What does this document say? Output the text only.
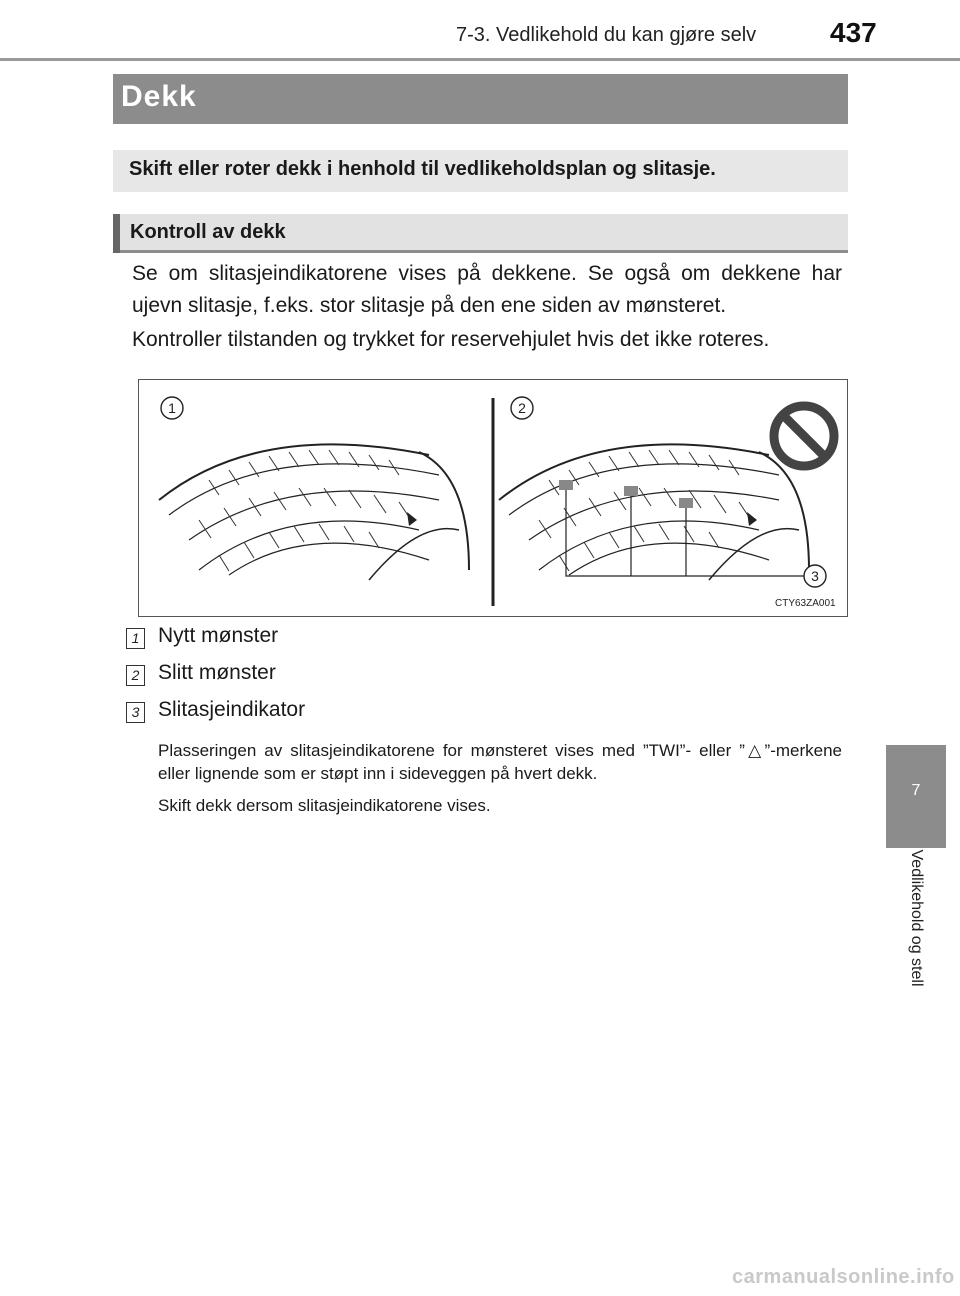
7-3. Vedlikehold du kan gjøre selv	437
Dekk
Skift eller roter dekk i henhold til vedlikeholdsplan og slitasje.
Kontroll av dekk
Se om slitasjeindikatorene vises på dekkene. Se også om dekkene har ujevn slitasje, f.eks. stor slitasje på den ene siden av mønsteret.
Kontroller tilstanden og trykket for reservehjulet hvis det ikke roteres.
1	2
3
CTY63ZA001
1 Nytt mønster
2 Slitt mønster
3 Slitasjeindikator
Plasseringen av slitasjeindikatorene for mønsteret vises med ”TWI”- eller ”△”-merkene eller lignende som er støpt inn i sideveggen på hvert dekk.
Skift dekk dersom slitasjeindikatorene vises.
7
Vedlikehold og stell
carmanualsonline.info
